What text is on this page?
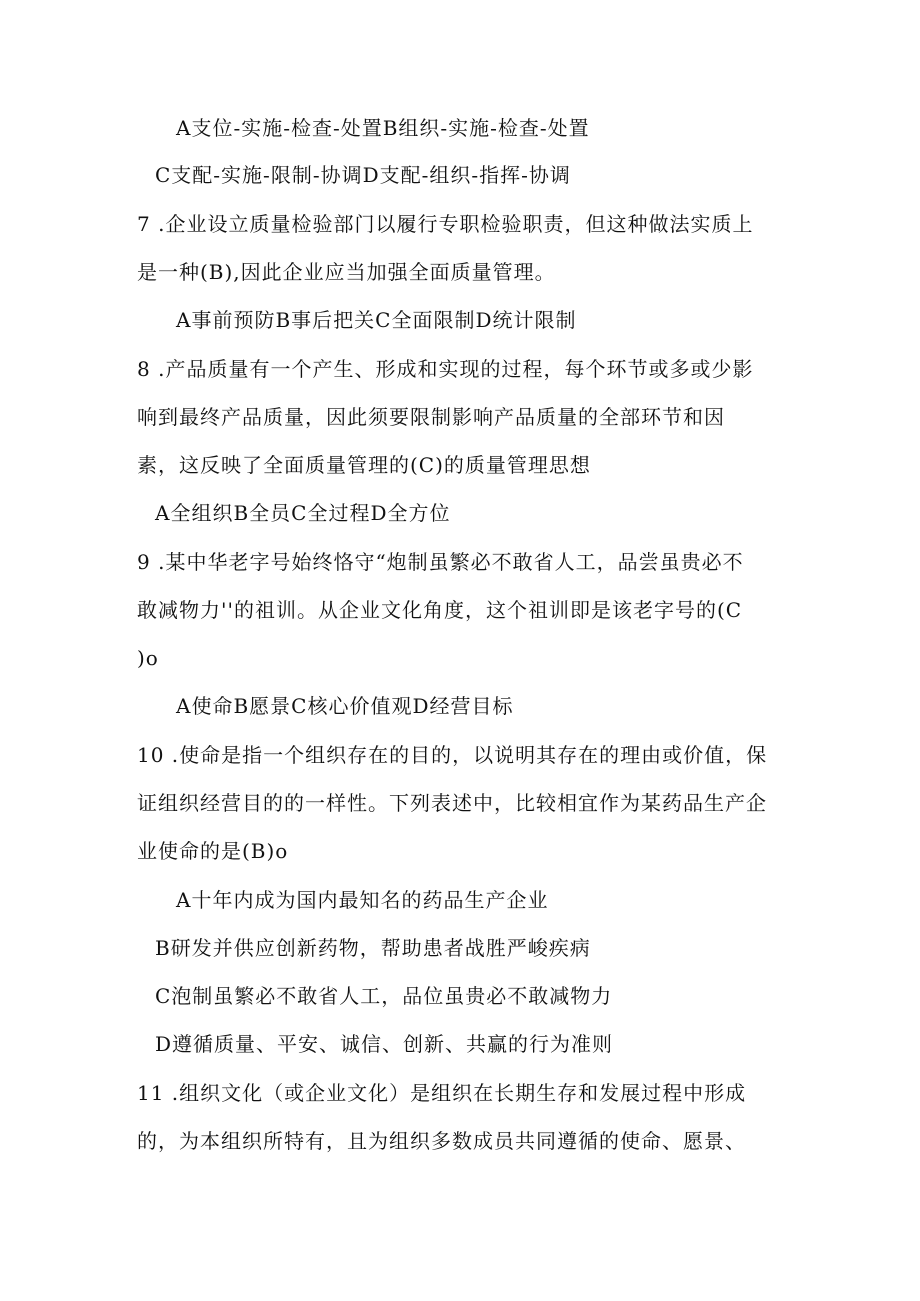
A支位-实施-检查-处置B组织-实施-检查-处置
C支配-实施-限制-协调D支配-组织-指挥-协调
7 .企业设立质量检验部门以履行专职检验职责，但这种做法实质上
是一种(B),因此企业应当加强全面质量管理。
A事前预防B事后把关C全面限制D统计限制
8 .产品质量有一个产生、形成和实现的过程，每个环节或多或少影
响到最终产品质量，因此须要限制影响产品质量的全部环节和因
素，这反映了全面质量管理的(C)的质量管理思想
A全组织B全员C全过程D全方位
9 .某中华老字号始终恪守“炮制虽繁必不敢省人工，品尝虽贵必不
敢减物力''的祖训。从企业文化角度，这个祖训即是该老字号的(C
)o
A使命B愿景C核心价值观D经营目标
10 .使命是指一个组织存在的目的，以说明其存在的理由或价值，保
证组织经营目的的一样性。下列表述中，比较相宜作为某药品生产企
业使命的是(B)o
A十年内成为国内最知名的药品生产企业
B研发并供应创新药物，帮助患者战胜严峻疾病
C泡制虽繁必不敢省人工，品位虽贵必不敢减物力
D遵循质量、平安、诚信、创新、共赢的行为准则
11 .组织文化（或企业文化）是组织在长期生存和发展过程中形成
的，为本组织所特有，且为组织多数成员共同遵循的使命、愿景、
